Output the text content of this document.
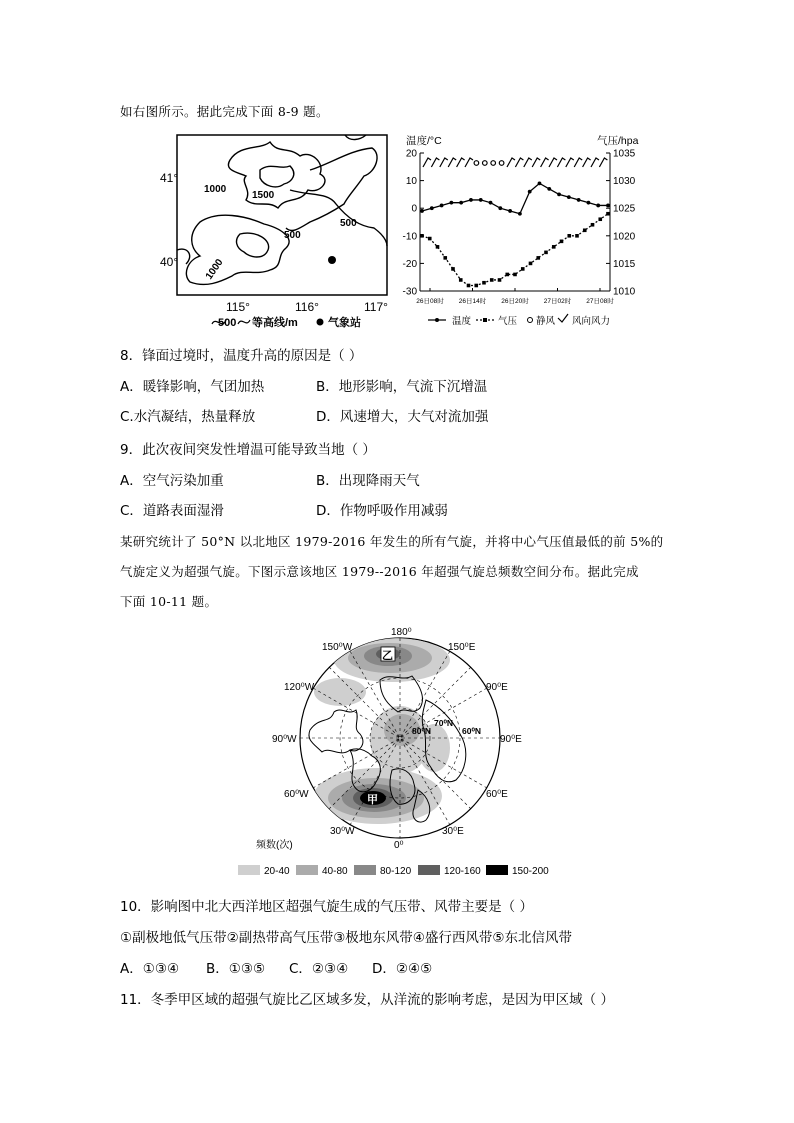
如右图所示。据此完成下面 8-9 题。
1000
1500
500
500
1000
41°
40°
115°	116°	117°
500 等高线/m	气象站
温度/°C	气压/hpa
20
10
0
-10
-20
-30
1035
1030
1025
1020
1015
1010
26日08时 26日14时 26日20时 27日02时 27日08时
温度	气压 静风 风向风力
8．锋面过境时，温度升高的原因是（ ）
A．暖锋影响，气团加热	B．地形影响，气流下沉增温
C.水汽凝结，热量释放	D．风速增大，大气对流加强
9．此次夜间突发性增温可能导致当地（ ）
A．空气污染加重	B．出现降雨天气
C．道路表面湿滑	D．作物呼吸作用减弱
某研究统计了 50°N 以北地区 1979-2016 年发生的所有气旋，并将中心气压值最低的前 5%的
气旋定义为超强气旋。下图示意该地区 1979--2016 年超强气旋总频数空间分布。据此完成
下面 10-11 题。
180⁰
150⁰W	150⁰E
120⁰W	90⁰E
90⁰W	90⁰E
60⁰W	60⁰E
30⁰W	30⁰E
0⁰
70⁰N
80⁰N	60⁰N
乙
甲
频数(次)
20-40	40-80	80-120	120-160	150-200
10．影响图中北大西洋地区超强气旋生成的气压带、风带主要是（ ）
①副极地低气压带②副热带高气压带③极地东风带④盛行西风带⑤东北信风带
A．①③④ B．①③⑤ C．②③④ D．②④⑤
11．冬季甲区域的超强气旋比乙区域多发，从洋流的影响考虑，是因为甲区域（ ）
